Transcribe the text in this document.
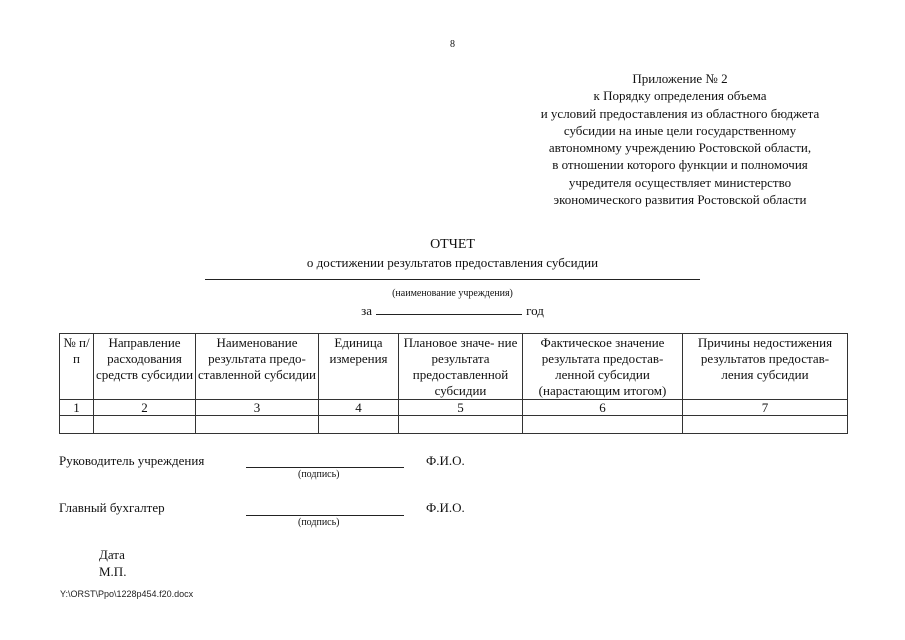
8
Приложение № 2
к Порядку определения объема
и условий предоставления из областного бюджета
субсидии на иные цели государственному
автономному учреждению Ростовской области,
в отношении которого функции и полномочия
учредителя осуществляет министерство
экономического развития Ростовской области
ОТЧЕТ
о достижении результатов предоставления субсидии
(наименование учреждения)
за	год
№ п/п	Направление расходования средств субсидии	Наименование результата предо- ставленной субсидии	Единица измерения	Плановое значе- ние результата предоставленной субсидии	Фактическое значение результата предостав- ленной субсидии (нарастающим итогом)	Причины недостижения результатов предостав- ления субсидии
1	2	3	4	5	6	7

Руководитель учреждения
(подпись)
Ф.И.О.
Главный бухгалтер
(подпись)
Ф.И.О.
Дата
М.П.
Y:\ORST\Ppo\1228p454.f20.docx
